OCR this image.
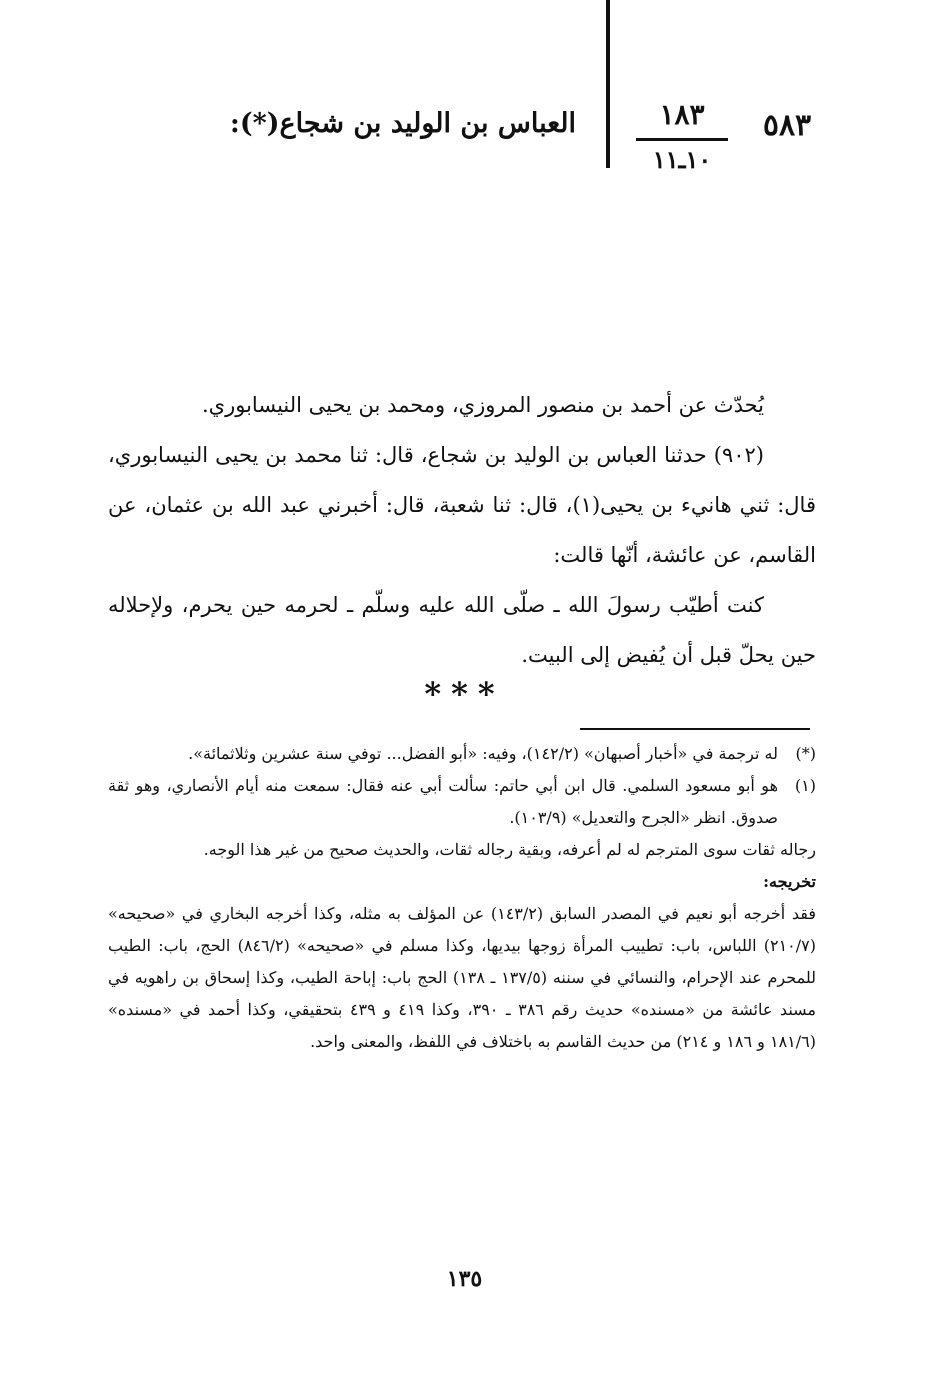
٥٨٣
١٨٣
١٠ـ١١
العباس بن الوليد بن شجاع(*):

يُحدّث عن أحمد بن منصور المروزي، ومحمد بن يحيى النيسابوري.

(٩٠٢) حدثنا العباس بن الوليد بن شجاع، قال: ثنا محمد بن يحيى النيسابوري، قال: ثني هانيء بن يحيى(١)، قال: ثنا شعبة، قال: أخبرني عبد الله بن عثمان، عن القاسم، عن عائشة، أنّها قالت:

كنت أطيّب رسولَ الله ـ صلّى الله عليه وسلّم ـ لحرمه حين يحرم، ولإحلاله حين يحلّ قبل أن يُفيض إلى البيت.

***
(*)
له ترجمة في «أخبار أصبهان» (١٤٢/٢)، وفيه: «أبو الفضل... توفي سنة عشرين وثلاثمائة».
(١)
هو أبو مسعود السلمي. قال ابن أبي حاتم: سألت أبي عنه فقال: سمعت منه أيام الأنصاري، وهو ثقة صدوق. انظر «الجرح والتعديل» (١٠٣/٩).

رجاله ثقات سوى المترجم له لم أعرفه، وبقية رجاله ثقات، والحديث صحيح من غير هذا الوجه.

تخريجه:

فقد أخرجه أبو نعيم في المصدر السابق (١٤٣/٢) عن المؤلف به مثله، وكذا أخرجه البخاري في «صحيحه» (٢١٠/٧) اللباس، باب: تطييب المرأة زوجها بيديها، وكذا مسلم في «صحيحه» (٨٤٦/٢) الحج، باب: الطيب للمحرم عند الإحرام، والنسائي في سننه (١٣٧/٥ ـ ١٣٨) الحج باب: إباحة الطيب، وكذا إسحاق بن راهويه في مسند عائشة من «مسنده» حديث رقم ٣٨٦ ـ ٣٩٠، وكذا ٤١٩ و ٤٣٩ بتحقيقي، وكذا أحمد في «مسنده» (١٨١/٦ و ١٨٦ و ٢١٤) من حديث القاسم به باختلاف في اللفظ، والمعنى واحد.

١٣٥
